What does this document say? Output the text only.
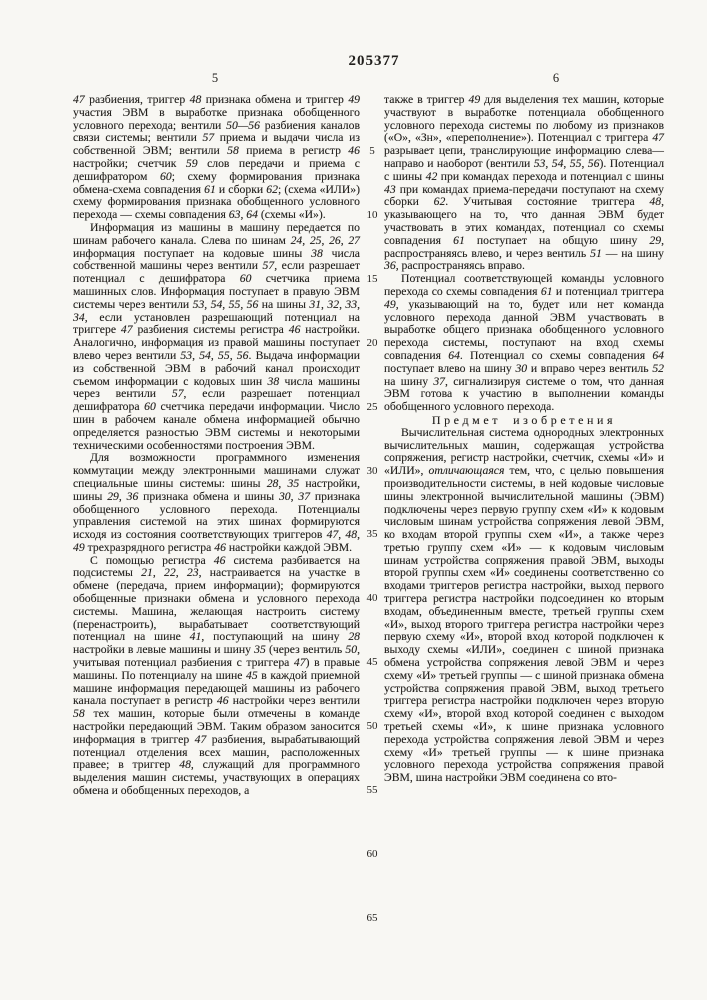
205377
5	6

47 разбиения, триггер 48 признака обмена и триггер 49 участия ЭВМ в выработке признака обобщенного условного перехода; вентили 50—56 разбиения каналов связи системы; вентили 57 приема и выдачи числа из собственной ЭВМ; вентили 58 приема в регистр 46 настройки; счетчик 59 слов передачи и приема с дешифратором 60; схему формирования признака обмена-схема совпадения 61 и сборки 62; (схема «ИЛИ») схему формирования признака обобщенного условного перехода — схемы совпадения 63, 64 (схемы «И»).

Информация из машины в машину передается по шинам рабочего канала. Слева по шинам 24, 25, 26, 27 информация поступает на кодовые шины 38 числа собственной машины через вентили 57, если разрешает потенциал с дешифратора 60 счетчика приема машинных слов. Информация поступает в правую ЭВМ системы через вентили 53, 54, 55, 56 на шины 31, 32, 33, 34, если установлен разрешающий потенциал на триггере 47 разбиения системы регистра 46 настройки. Аналогично, информация из правой машины поступает влево через вентили 53, 54, 55, 56. Выдача информации из собственной ЭВМ в рабочий канал происходит съемом информации с кодовых шин 38 числа машины через вентили 57, если разрешает потенциал дешифратора 60 счетчика передачи информации. Число шин в рабочем канале обмена информацией обычно определяется разностью ЭВМ системы и некоторыми техническими особенностями построения ЭВМ.

Для возможности программного изменения коммутации между электронными машинами служат специальные шины системы: шины 28, 35 настройки, шины 29, 36 признака обмена и шины 30, 37 признака обобщенного условного перехода. Потенциалы управления системой на этих шинах формируются исходя из состояния соответствующих триггеров 47, 48, 49 трехразрядного регистра 46 настройки каждой ЭВМ.

С помощью регистра 46 система разбивается на подсистемы 21, 22, 23, настраивается на участке в обмене (передача, прием информации); формируются обобщенные признаки обмена и условного перехода системы. Машина, желающая настроить систему (перенастроить), вырабатывает соответствующий потенциал на шине 41, поступающий на шину 28 настройки в левые машины и шину 35 (через вентиль 50, учитывая потенциал разбиения с триггера 47) в правые машины. По потенциалу на шине 45 в каждой приемной машине информация передающей машины из рабочего канала поступает в регистр 46 настройки через вентили 58 тех машин, которые были отмечены в команде настройки передающий ЭВМ. Таким образом заносится информация в триггер 47 разбиения, вырабатывающий потенциал отделения всех машин, расположенных правее; в триггер 48, служащий для программного выделения машин системы, участвующих в операциях обмена и обобщенных переходов, а

5
10
15
20
25
30
35
40
45
50
55
60
65

также в триггер 49 для выделения тех машин, которые участвуют в выработке потенциала обобщенного условного перехода системы по любому из признаков («О», «Зн», «переполнение»). Потенциал с триггера 47 разрывает цепи, транслирующие информацию слева—направо и наоборот (вентили 53, 54, 55, 56). Потенциал с шины 42 при командах перехода и потенциал с шины 43 при командах приема-передачи поступают на схему сборки 62. Учитывая состояние триггера 48, указывающего на то, что данная ЭВМ будет участвовать в этих командах, потенциал со схемы совпадения 61 поступает на общую шину 29, распространяясь влево, и через вентиль 51 — на шину 36, распространяясь вправо.

Потенциал соответствующей команды условного перехода со схемы совпадения 61 и потенциал триггера 49, указывающий на то, будет или нет команда условного перехода данной ЭВМ участвовать в выработке общего признака обобщенного условного перехода системы, поступают на вход схемы совпадения 64. Потенциал со схемы совпадения 64 поступает влево на шину 30 и вправо через вентиль 52 на шину 37, сигнализируя системе о том, что данная ЭВМ готова к участию в выполнении команды обобщенного условного перехода.

Предмет изобретения

Вычислительная система однородных электронных вычислительных машин, содержащая устройства сопряжения, регистр настройки, счетчик, схемы «И» и «ИЛИ», отличающаяся тем, что, с целью повышения производительности системы, в ней кодовые числовые шины электронной вычислительной машины (ЭВМ) подключены через первую группу схем «И» к кодовым числовым шинам устройства сопряжения левой ЭВМ, ко входам второй группы схем «И», а также через третью группу схем «И» — к кодовым числовым шинам устройства сопряжения правой ЭВМ, выходы второй группы схем «И» соединены соответственно со входами триггеров регистра настройки, выход первого триггера регистра настройки подсоединен ко вторым входам, объединенным вместе, третьей группы схем «И», выход второго триггера регистра настройки через первую схему «И», второй вход которой подключен к выходу схемы «ИЛИ», соединен с шиной признака обмена устройства сопряжения левой ЭВМ и через схему «И» третьей группы — с шиной признака обмена устройства сопряжения правой ЭВМ, выход третьего триггера регистра настройки подключен через вторую схему «И», второй вход которой соединен с выходом третьей схемы «И», к шине признака условного перехода устройства сопряжения левой ЭВМ и через схему «И» третьей группы — к шине признака условного перехода устройства сопряжения правой ЭВМ, шина настройки ЭВМ соединена со вто-
